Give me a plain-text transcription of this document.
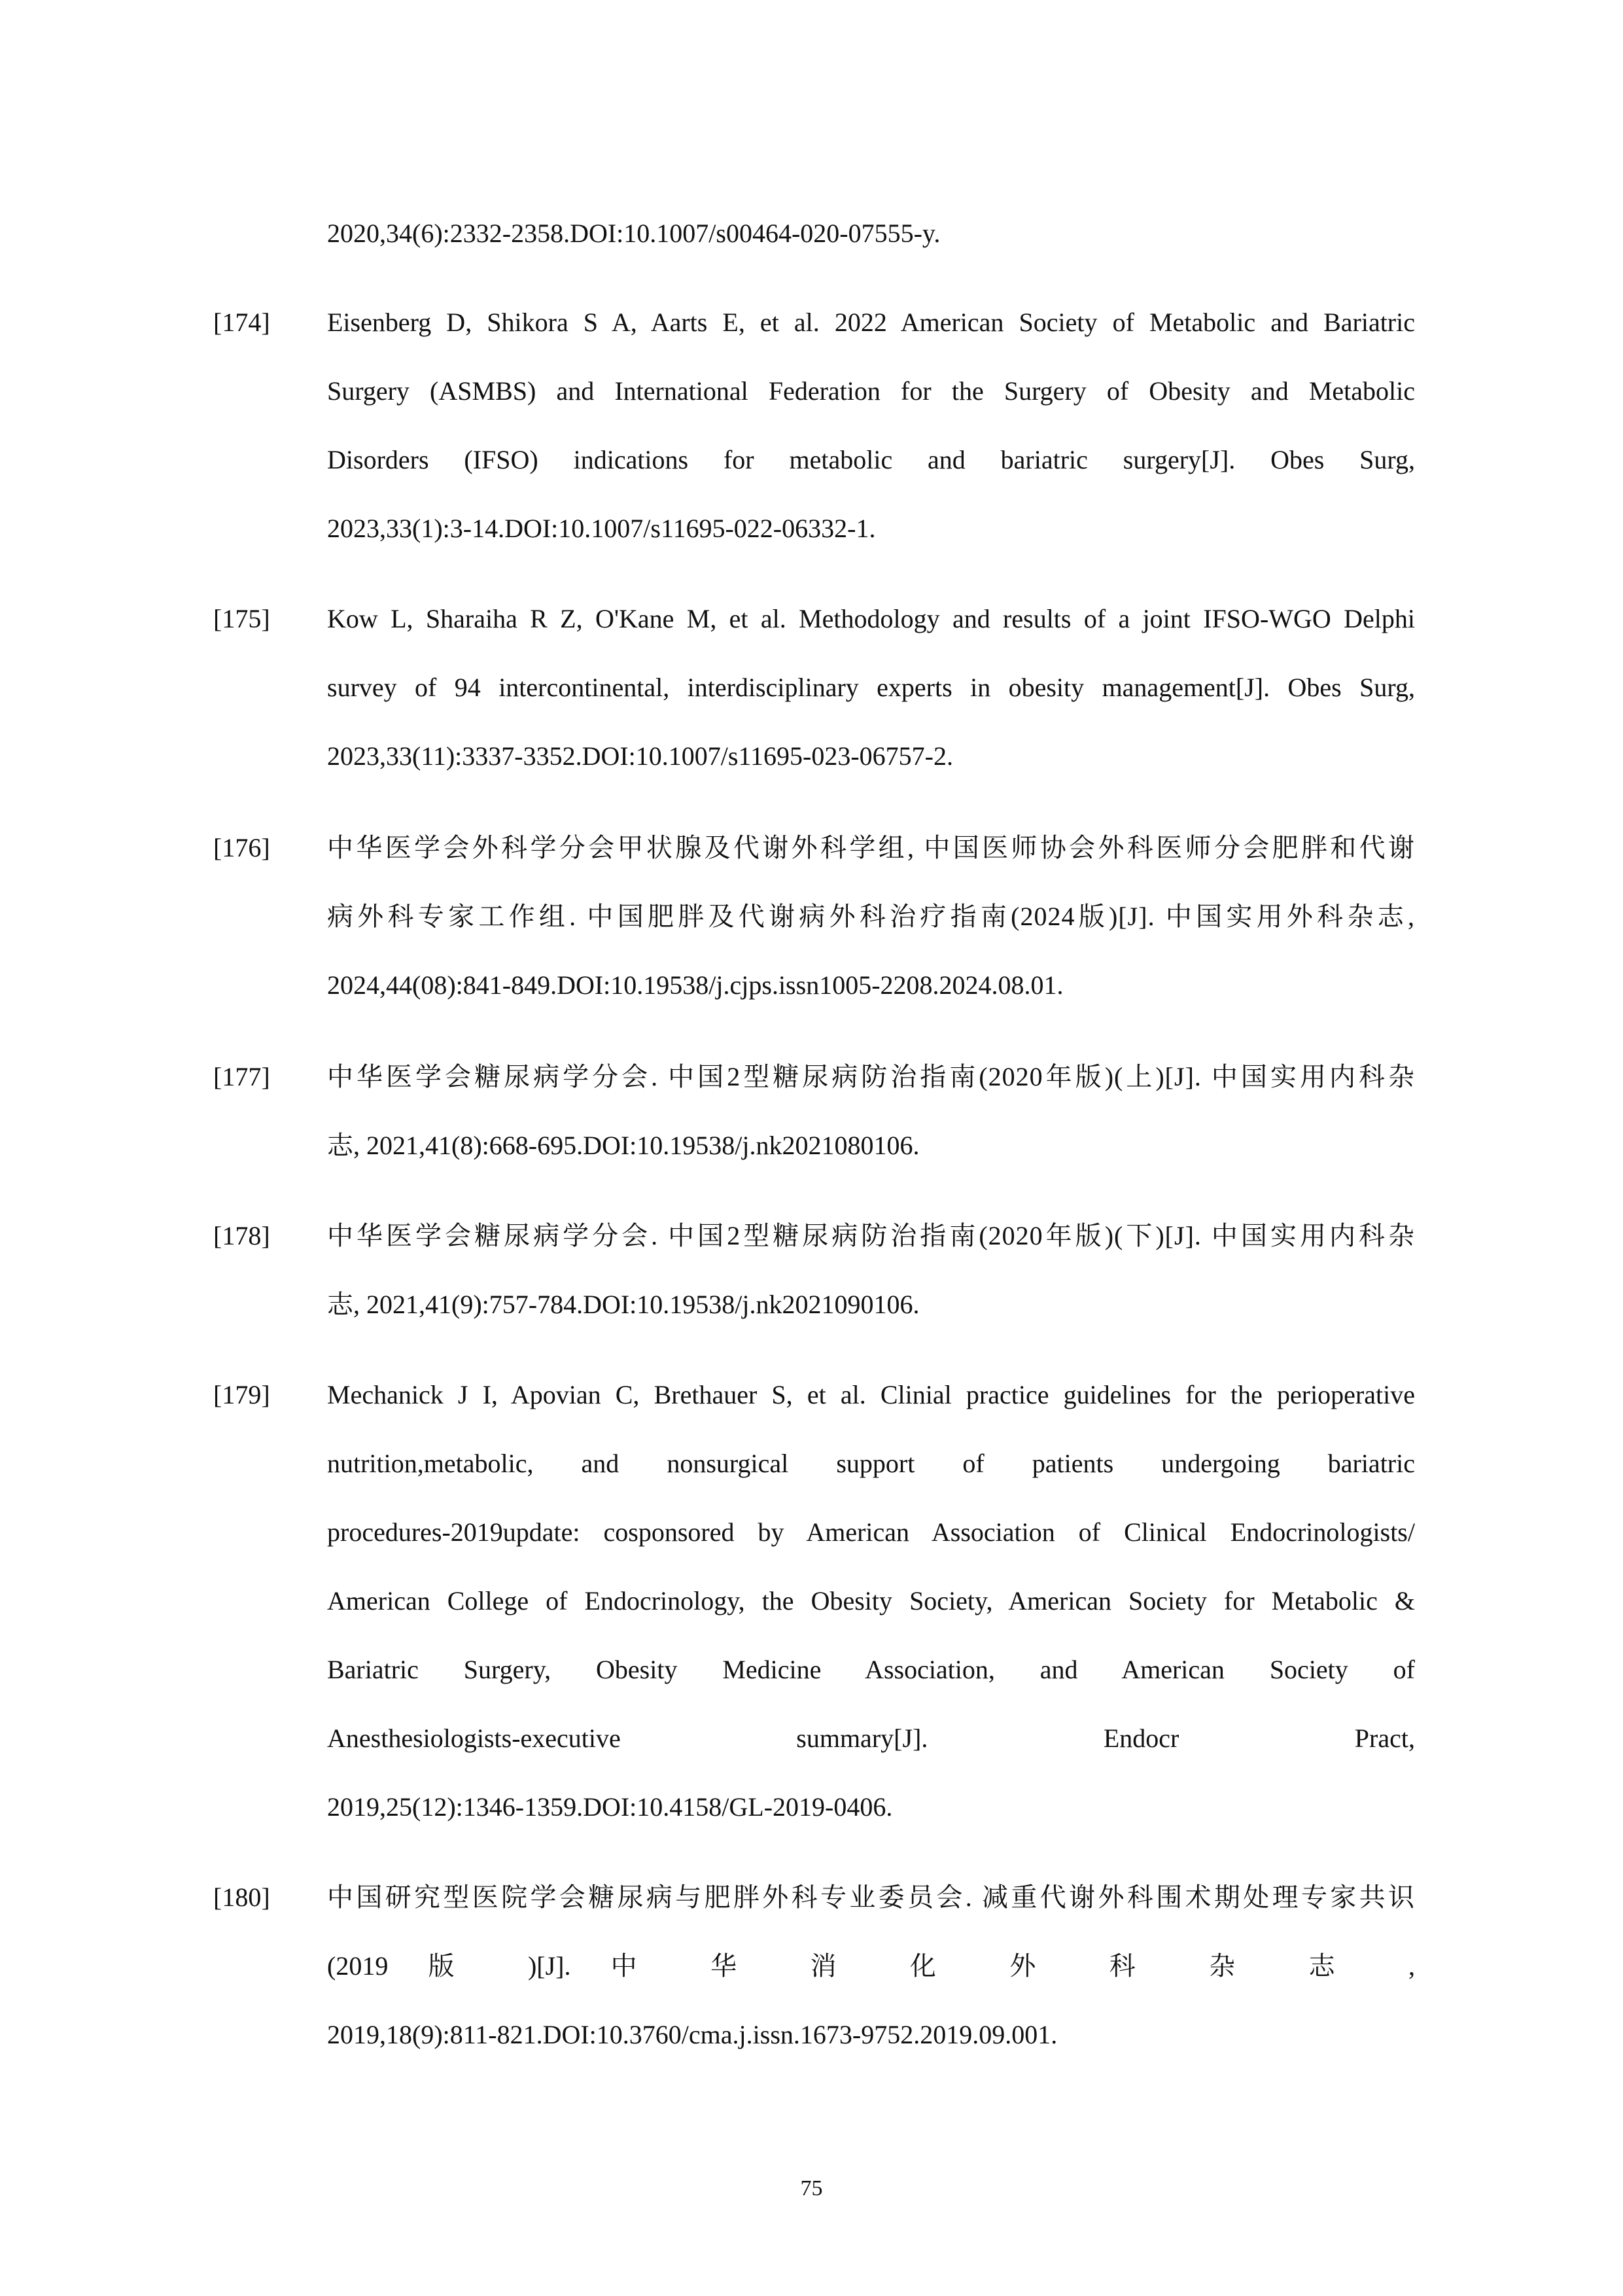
2020,34(6):2332-2358.DOI:10.1007/s00464-020-07555-y.
[174] Eisenberg D, Shikora S A, Aarts E, et al. 2022 American Society of Metabolic and Bariatric
Surgery (ASMBS) and International Federation for the Surgery of Obesity and Metabolic
Disorders (IFSO) indications for metabolic and bariatric surgery[J]. Obes Surg,
2023,33(1):3-14.DOI:10.1007/s11695-022-06332-1.
[175] Kow L, Sharaiha R Z, O'Kane M, et al. Methodology and results of a joint IFSO-WGO Delphi
survey of 94 intercontinental, interdisciplinary experts in obesity management[J]. Obes Surg,
2023,33(11):3337-3352.DOI:10.1007/s11695-023-06757-2.
[176] 中华医学会外科学分会甲状腺及代谢外科学组, 中国医师协会外科医师分会肥胖和代谢
病外科专家工作组. 中国肥胖及代谢病外科治疗指南(2024版)[J]. 中国实用外科杂志,
2024,44(08):841-849.DOI:10.19538/j.cjps.issn1005-2208.2024.08.01.
[177] 中华医学会糖尿病学分会. 中国2型糖尿病防治指南(2020年版)(上)[J]. 中国实用内科杂
志, 2021,41(8):668-695.DOI:10.19538/j.nk2021080106.
[178] 中华医学会糖尿病学分会. 中国2型糖尿病防治指南(2020年版)(下)[J]. 中国实用内科杂
志, 2021,41(9):757-784.DOI:10.19538/j.nk2021090106.
[179] Mechanick J I, Apovian C, Brethauer S, et al. Clinial practice guidelines for the perioperative
nutrition,metabolic, and nonsurgical support of patients undergoing bariatric
procedures-2019update: cosponsored by American Association of Clinical Endocrinologists/
American College of Endocrinology, the Obesity Society, American Society for Metabolic &
Bariatric Surgery, Obesity Medicine Association, and American Society of
Anesthesiologists-executive summary[J]. Endocr Pract,
2019,25(12):1346-1359.DOI:10.4158/GL-2019-0406.
[180] 中国研究型医院学会糖尿病与肥胖外科专业委员会. 减重代谢外科围术期处理专家共识
(2019 版 )[J]. 中 华 消 化 外 科 杂 志 ,
2019,18(9):811-821.DOI:10.3760/cma.j.issn.1673-9752.2019.09.001.
75
